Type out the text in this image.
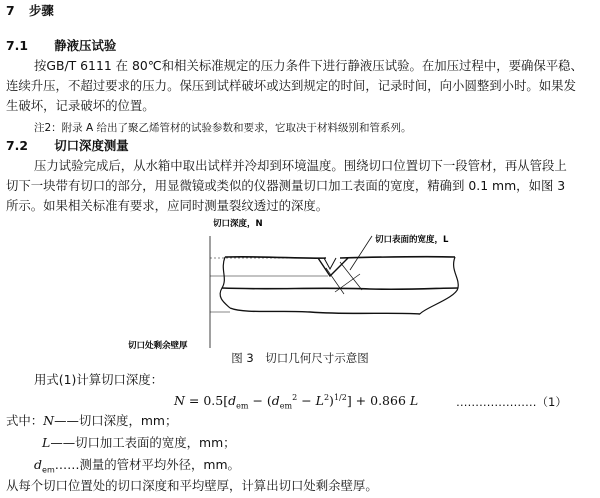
7 步骤
7.1 静液压试验
按GB/T 6111 在 80℃和相关标准规定的压力条件下进行静液压试验。在加压过程中，要确保平稳、
连续升压，不超过要求的压力。保压到试样破坏或达到规定的时间，记录时间，向小圆整到小时。如果发
生破坏，记录破坏的位置。
注2：附录 A 给出了聚乙烯管材的试验参数和要求，它取决于材料级别和管系列。
7.2 切口深度测量
压力试验完成后，从水箱中取出试样并冷却到环境温度。围绕切口位置切下一段管材，再从管段上
切下一块带有切口的部分，用显微镜或类似的仪器测量切口加工表面的宽度，精确到 0.1 mm，如图 3
所示。如果相关标准有要求，应同时测量裂纹透过的深度。
切口深度，N
切口表面的宽度，L
切口处剩余壁厚
图 3　切口几何尺寸示意图
用式(1)计算切口深度：
$N = 0.5[d_{em} - (d_{em}^2 - L^2)^{1/2}] + 0.866$ L	…………………（1）
式中：N——切口深度，mm；
L——切口加工表面的宽度，mm；
$d_{em}\dots\dots$测量的管材平均外径，mm。
从每个切口位置处的切口深度和平均壁厚，计算出切口处剩余壁厚。
